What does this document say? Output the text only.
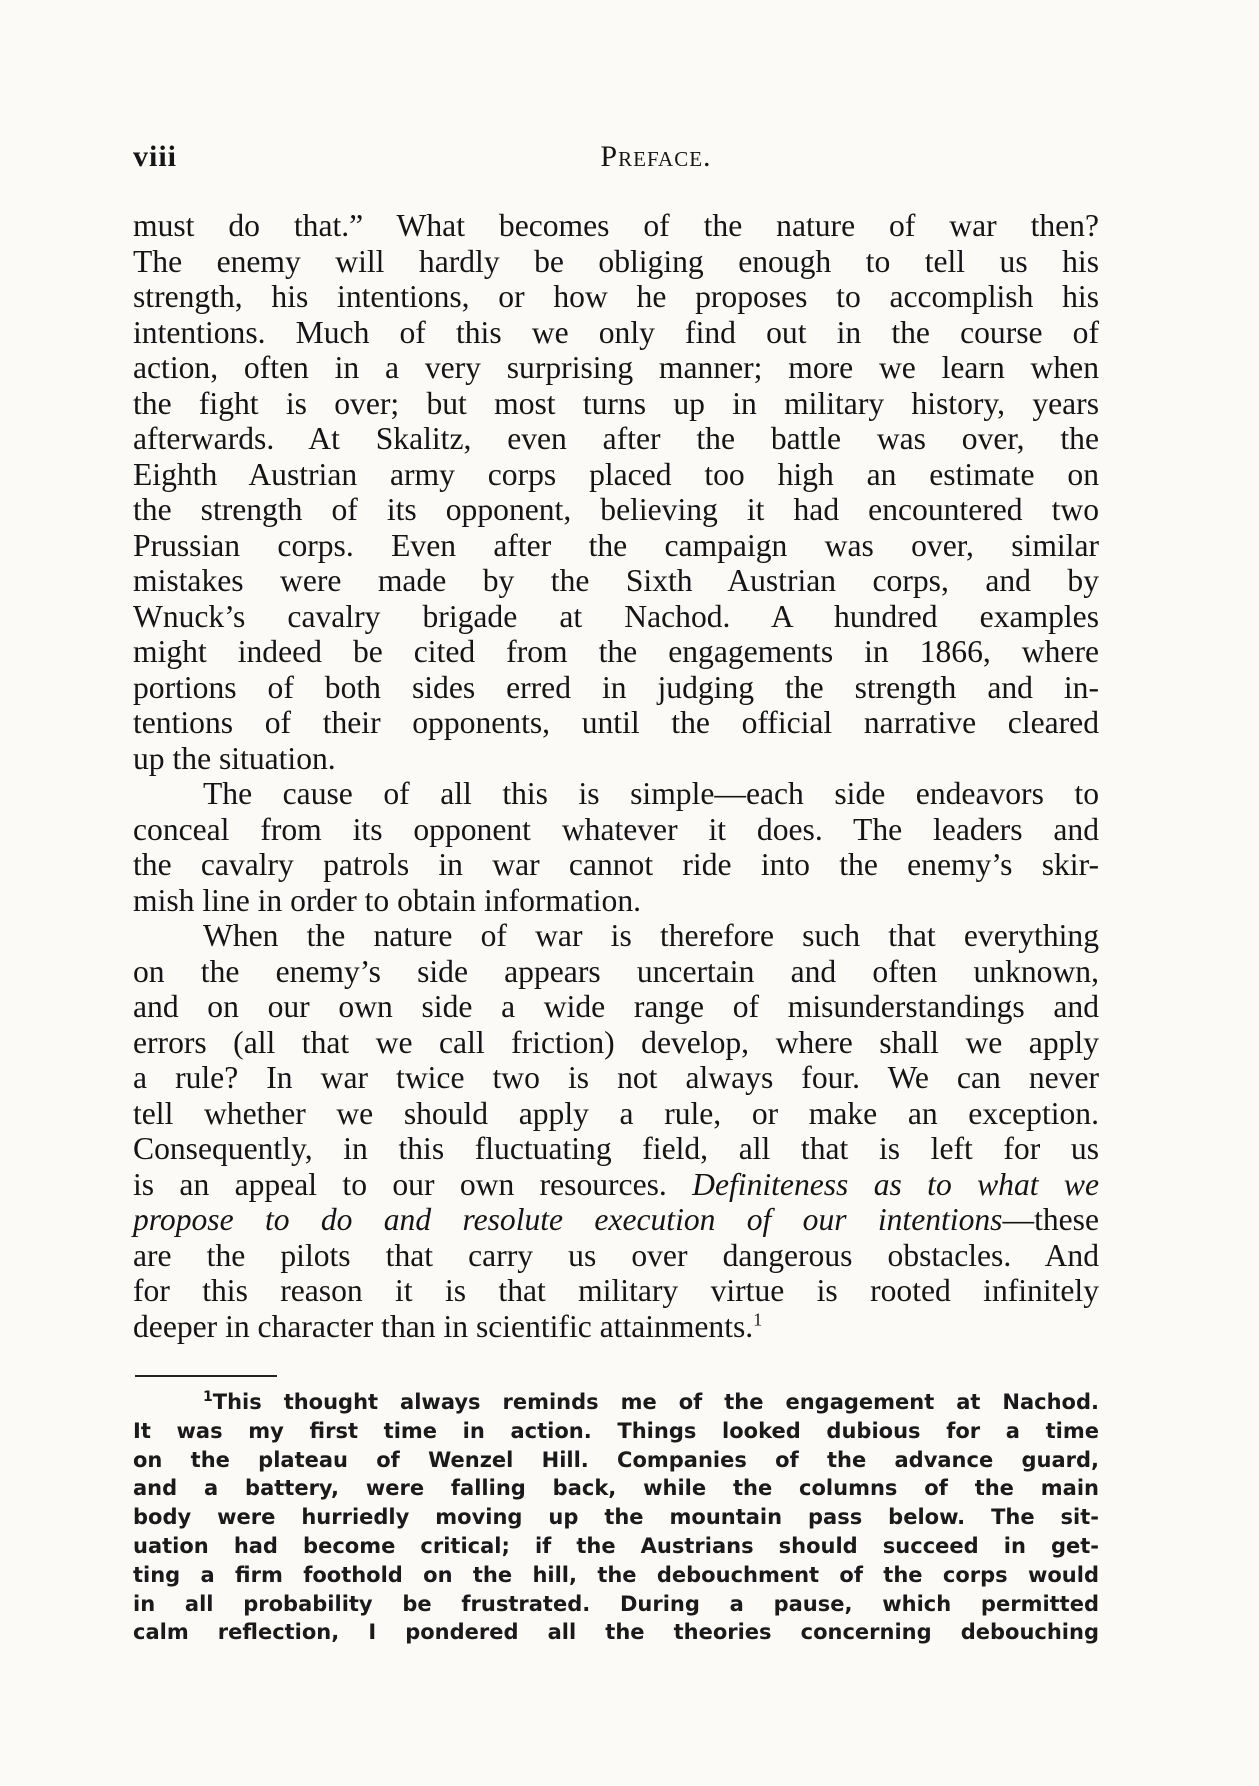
viii	Preface.
must do that.” What becomes of the nature of war then?
The enemy will hardly be obliging enough to tell us his
strength, his intentions, or how he proposes to accomplish his
intentions. Much of this we only find out in the course of
action, often in a very surprising manner; more we learn when
the fight is over; but most turns up in military history, years
afterwards. At Skalitz, even after the battle was over, the
Eighth Austrian army corps placed too high an estimate on
the strength of its opponent, believing it had encountered two
Prussian corps. Even after the campaign was over, similar
mistakes were made by the Sixth Austrian corps, and by
Wnuck’s cavalry brigade at Nachod. A hundred examples
might indeed be cited from the engagements in 1866, where
portions of both sides erred in judging the strength and in-
tentions of their opponents, until the official narrative cleared
up the situation.
The cause of all this is simple—each side endeavors to
conceal from its opponent whatever it does. The leaders and
the cavalry patrols in war cannot ride into the enemy’s skir-
mish line in order to obtain information.
When the nature of war is therefore such that everything
on the enemy’s side appears uncertain and often unknown,
and on our own side a wide range of misunderstandings and
errors (all that we call friction) develop, where shall we apply
a rule? In war twice two is not always four. We can never
tell whether we should apply a rule, or make an exception.
Consequently, in this fluctuating field, all that is left for us
is an appeal to our own resources. Definiteness as to what we
propose to do and resolute execution of our intentions—these
are the pilots that carry us over dangerous obstacles. And
for this reason it is that military virtue is rooted infinitely
deeper in character than in scientific attainments.$^1$
$^1$This thought always reminds me of the engagement at Nachod.
It was my first time in action. Things looked dubious for a time
on the plateau of Wenzel Hill. Companies of the advance guard,
and a battery, were falling back, while the columns of the main
body were hurriedly moving up the mountain pass below. The sit-
uation had become critical; if the Austrians should succeed in get-
ting a firm foothold on the hill, the debouchment of the corps would
in all probability be frustrated. During a pause, which permitted
calm reflection, I pondered all the theories concerning debouching
